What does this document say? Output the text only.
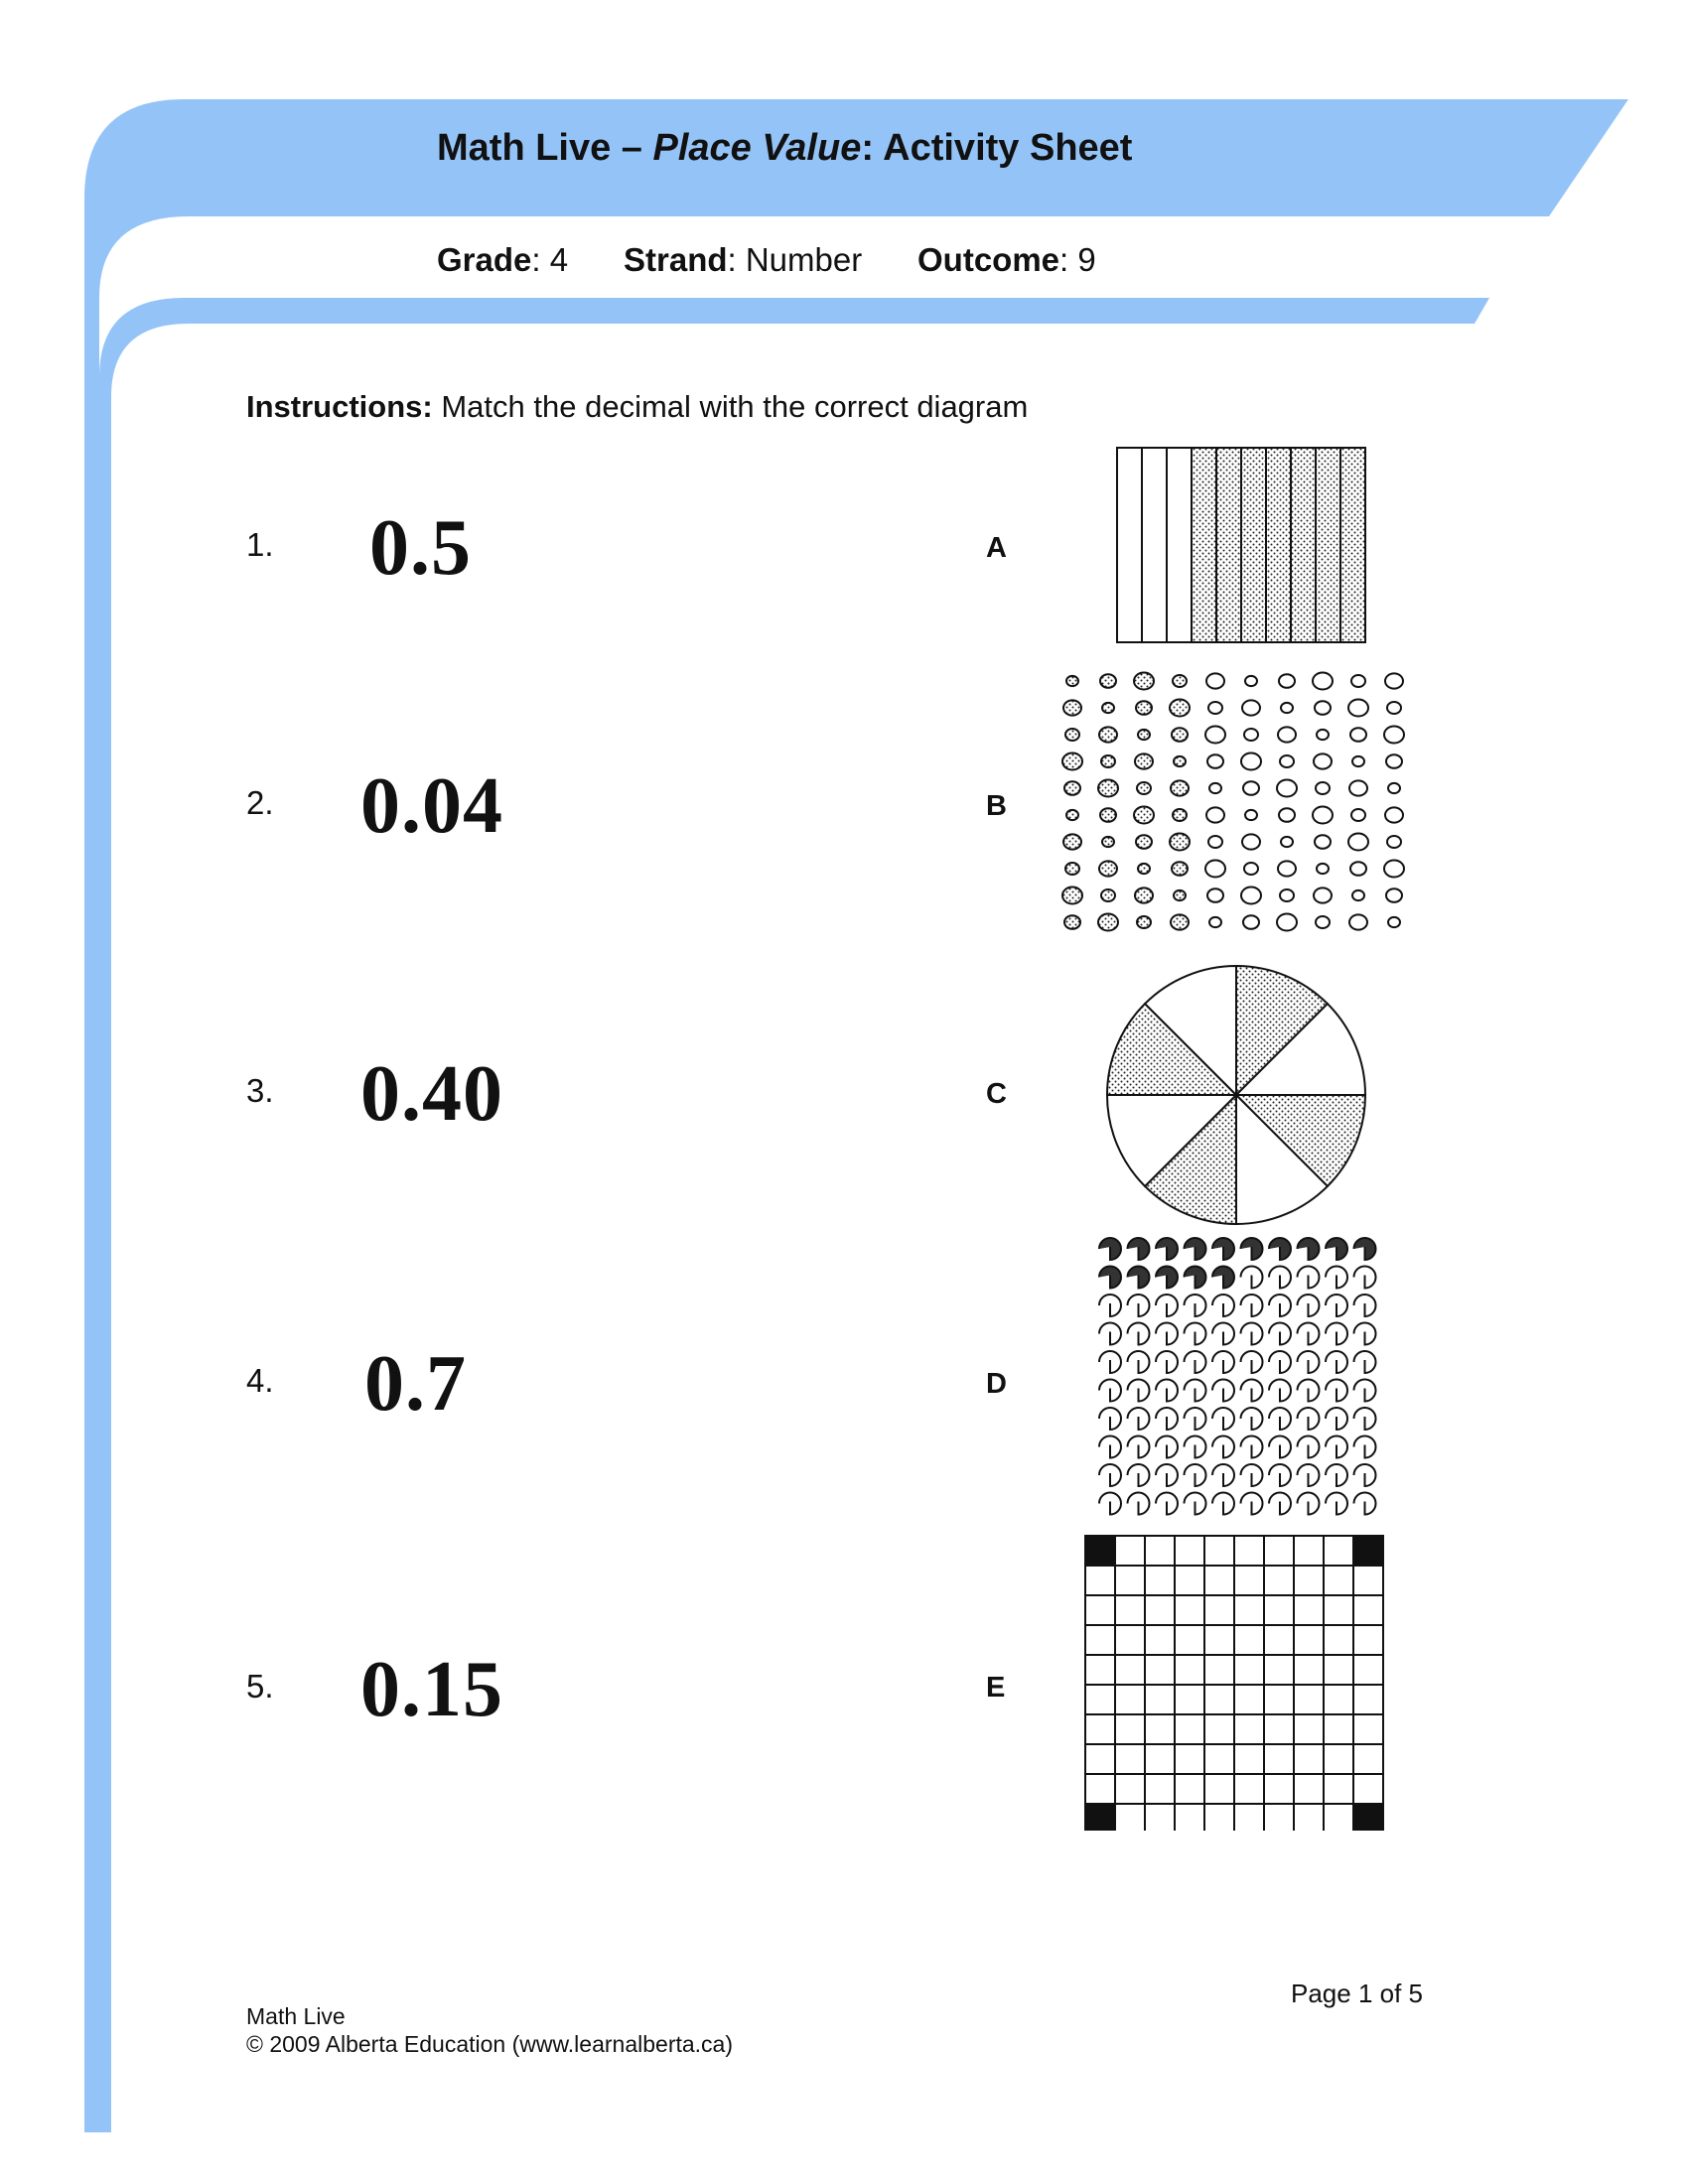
Math Live – Place Value: Activity Sheet
Grade: 4 Strand: Number Outcome: 9
Instructions: Match the decimal with the correct diagram
1. 0.5
2. 0.04
3. 0.40
4. 0.7
5. 0.15
A
B
C
D
E
Page 1 of 5
Math Live
© 2009 Alberta Education (www.learnalberta.ca)
